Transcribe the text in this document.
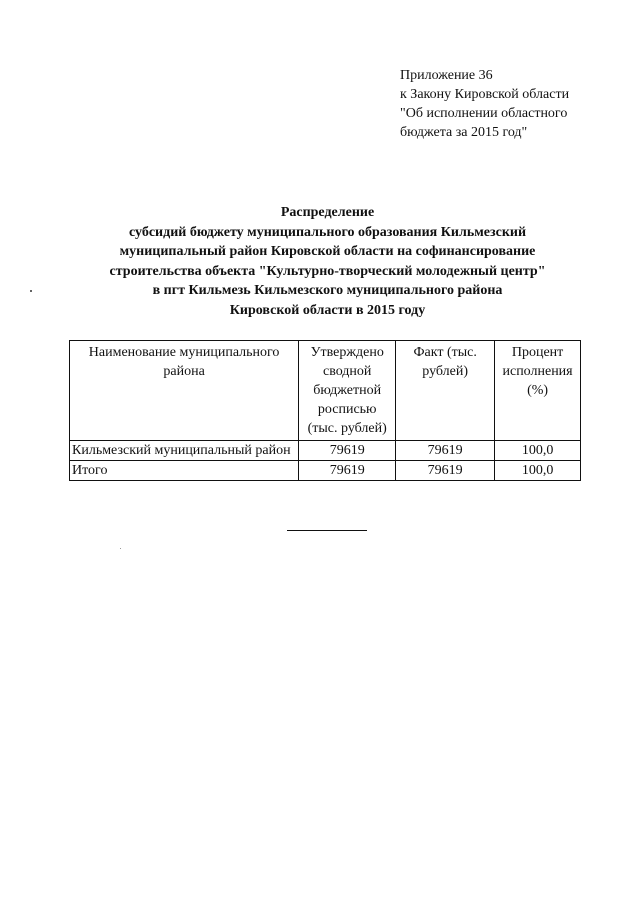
Приложение 36
к Закону Кировской области
"Об исполнении областного
бюджета за 2015 год"
Распределение
субсидий бюджету муниципального образования Кильмезский
муниципальный район Кировской области на софинансирование
строительства объекта "Культурно-творческий молодежный центр"
в пгт Кильмезь Кильмезского муниципального района
Кировской области в 2015 году
Наименование муниципального района	Утверждено сводной бюджетной росписью (тыс. рублей)	Факт (тыс. рублей)	Процент исполнения (%)
Кильмезский муниципальный район	79619	79619	100,0
Итого	79619	79619	100,0
